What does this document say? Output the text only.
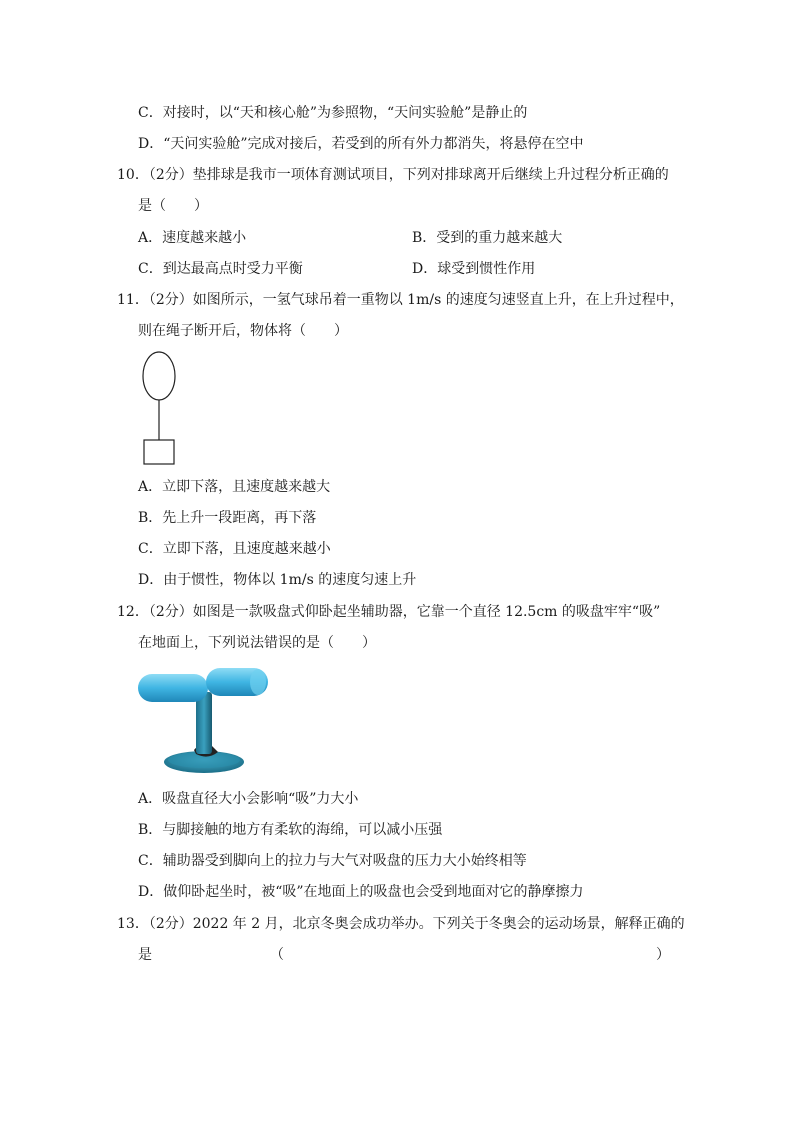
C．对接时，以“天和核心舱”为参照物，“天问实验舱”是静止的
D．“天问实验舱”完成对接后，若受到的所有外力都消失，将悬停在空中
10．（2分）垫排球是我市一项体育测试项目，下列对排球离开后继续上升过程分析正确的
是（　　）
A．速度越来越小	B．受到的重力越来越大
C．到达最高点时受力平衡	D．球受到惯性作用
11．（2分）如图所示，一氢气球吊着一重物以 1m/s 的速度匀速竖直上升，在上升过程中，
则在绳子断开后，物体将（　　）
A．立即下落，且速度越来越大
B．先上升一段距离，再下落
C．立即下落，且速度越来越小
D．由于惯性，物体以 1m/s 的速度匀速上升
12．（2分）如图是一款吸盘式仰卧起坐辅助器，它靠一个直径 12.5cm 的吸盘牢牢“吸”
在地面上，下列说法错误的是（　　）
A．吸盘直径大小会影响“吸”力大小
B．与脚接触的地方有柔软的海绵，可以减小压强
C．辅助器受到脚向上的拉力与大气对吸盘的压力大小始终相等
D．做仰卧起坐时，被“吸”在地面上的吸盘也会受到地面对它的静摩擦力
13．（2分）2022 年 2 月，北京冬奥会成功举办。下列关于冬奥会的运动场景，解释正确的
是	（	）
